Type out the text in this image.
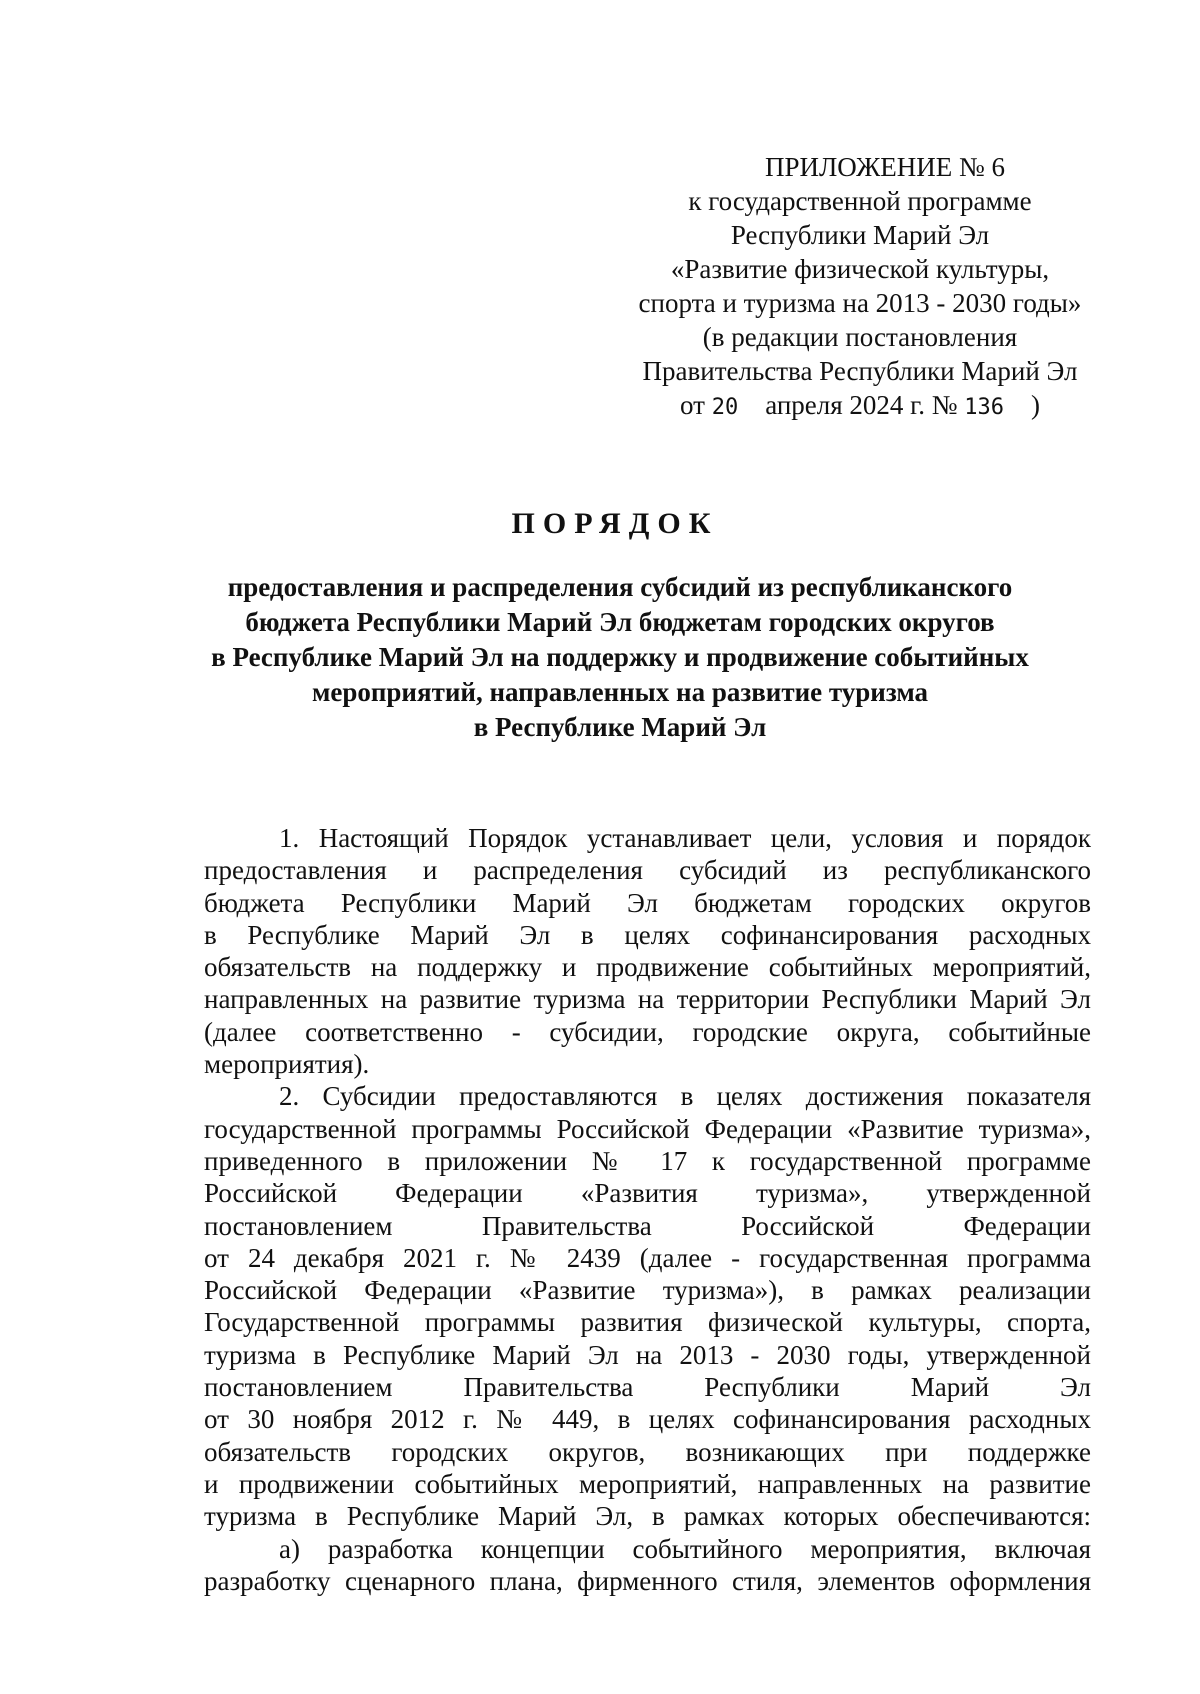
ПРИЛОЖЕНИЕ № 6
к государственной программе
Республики Марий Эл
«Развитие физической культуры,
спорта и туризма на 2013 - 2030 годы»
(в редакции постановления
Правительства Республики Марий Эл
от 20 апреля 2024 г. № 136 )
ПОРЯДОК
предоставления и распределения субсидий из республиканского
бюджета Республики Марий Эл бюджетам городских округов
в Республике Марий Эл на поддержку и продвижение событийных
мероприятий, направленных на развитие туризма
в Республике Марий Эл
1. Настоящий Порядок устанавливает цели, условия и порядок
предоставления и распределения субсидий из республиканского
бюджета Республики Марий Эл бюджетам городских округов
в Республике Марий Эл в целях софинансирования расходных
обязательств на поддержку и продвижение событийных мероприятий,
направленных на развитие туризма на территории Республики Марий Эл
(далее соответственно - субсидии, городские округа, событийные
мероприятия).
2. Субсидии предоставляются в целях достижения показателя
государственной программы Российской Федерации «Развитие туризма»,
приведенного в приложении № 17 к государственной программе
Российской Федерации «Развития туризма», утвержденной
постановлением Правительства Российской Федерации
от 24 декабря 2021 г. № 2439 (далее - государственная программа
Российской Федерации «Развитие туризма»), в рамках реализации
Государственной программы развития физической культуры, спорта,
туризма в Республике Марий Эл на 2013 - 2030 годы, утвержденной
постановлением Правительства Республики Марий Эл
от 30 ноября 2012 г. № 449, в целях софинансирования расходных
обязательств городских округов, возникающих при поддержке
и продвижении событийных мероприятий, направленных на развитие
туризма в Республике Марий Эл, в рамках которых обеспечиваются:
а) разработка концепции событийного мероприятия, включая
разработку сценарного плана, фирменного стиля, элементов оформления
